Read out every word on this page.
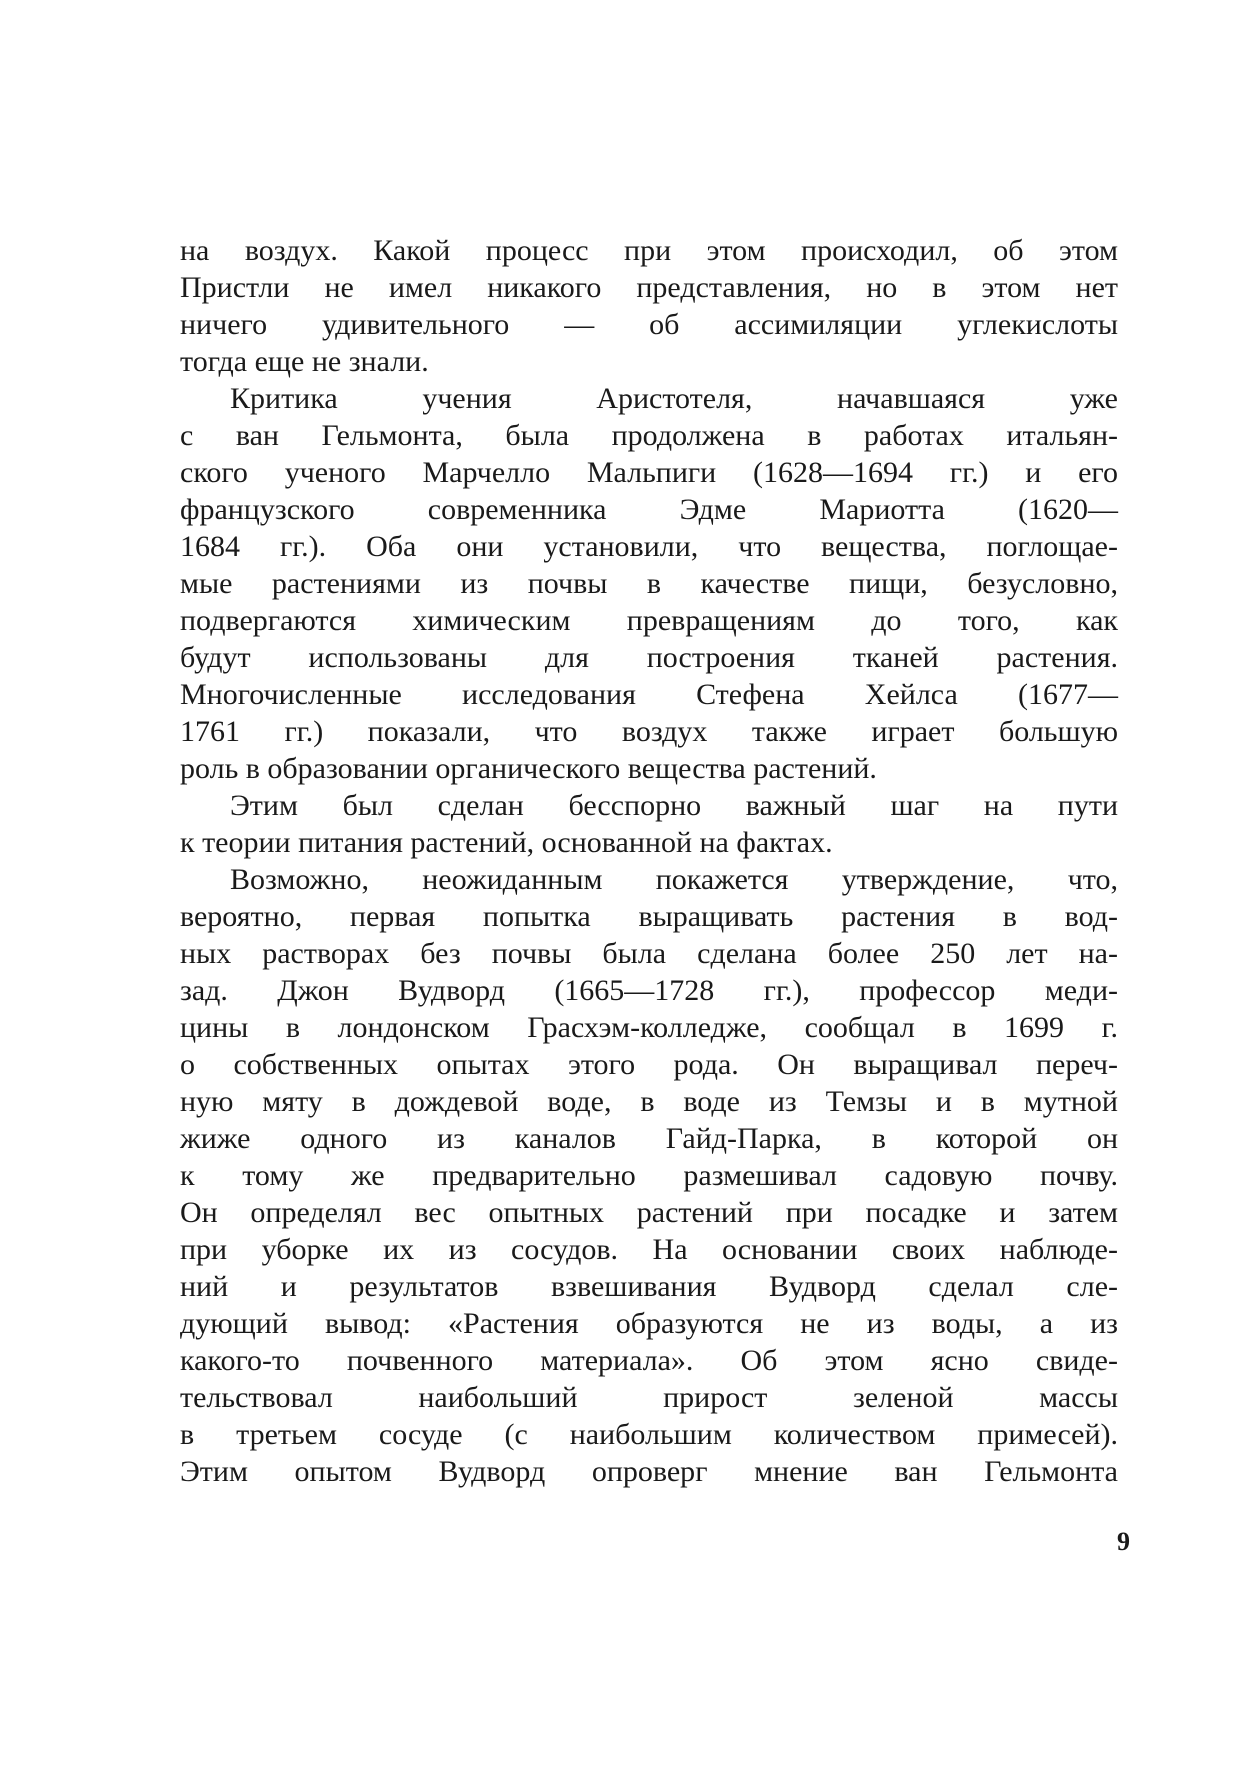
на воздух. Какой процесс при этом происходил, об этом
Пристли не имел никакого представления, но в этом нет
ничего удивительного — об ассимиляции углекислоты
тогда еще не знали.
Критика учения Аристотеля, начавшаяся уже
с ван Гельмонта, была продолжена в работах итальян-
ского ученого Марчелло Мальпиги (1628—1694 гг.) и его
французского современника Эдме Мариотта (1620—
1684 гг.). Оба они установили, что вещества, поглощае-
мые растениями из почвы в качестве пищи, безусловно,
подвергаются химическим превращениям до того, как
будут использованы для построения тканей растения.
Многочисленные исследования Стефена Хейлса (1677—
1761 гг.) показали, что воздух также играет большую
роль в образовании органического вещества растений.
Этим был сделан бесспорно важный шаг на пути
к теории питания растений, основанной на фактах.
Возможно, неожиданным покажется утверждение, что,
вероятно, первая попытка выращивать растения в вод-
ных растворах без почвы была сделана более 250 лет на-
зад. Джон Вудворд (1665—1728 гг.), профессор меди-
цины в лондонском Грасхэм-колледже, сообщал в 1699 г.
о собственных опытах этого рода. Он выращивал переч-
ную мяту в дождевой воде, в воде из Темзы и в мутной
жиже одного из каналов Гайд-Парка, в которой он
к тому же предварительно размешивал садовую почву.
Он определял вес опытных растений при посадке и затем
при уборке их из сосудов. На основании своих наблюде-
ний и результатов взвешивания Вудворд сделал сле-
дующий вывод: «Растения образуются не из воды, а из
какого-то почвенного материала». Об этом ясно свиде-
тельствовал наибольший прирост зеленой массы
в третьем сосуде (с наибольшим количеством примесей).
Этим опытом Вудворд опроверг мнение ван Гельмонта
9
